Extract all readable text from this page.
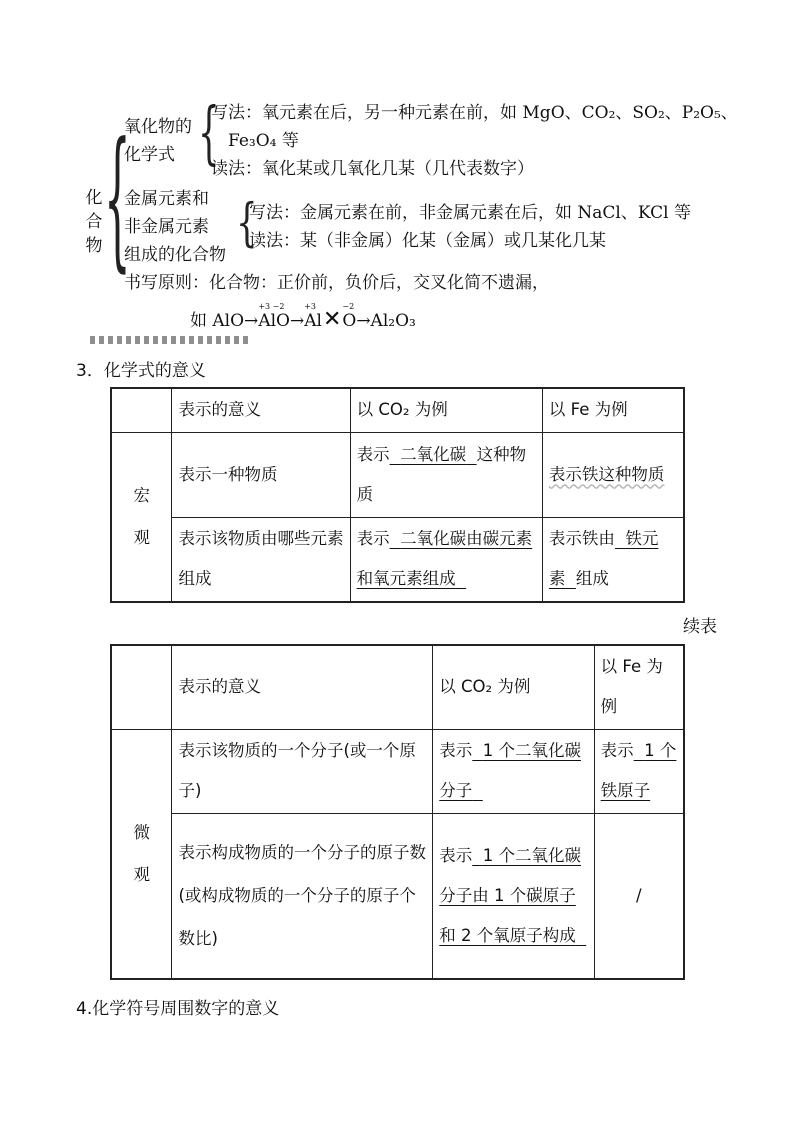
化合物 {
氧化物的
化学式 {
写法：氧元素在后，另一种元素在前，如 MgO、CO₂、SO₂、P₂O₅、
Fe₃O₄ 等
读法：氧化某或几氧化几某（几代表数字）
金属元素和
非金属元素
组成的化合物
{
写法：金属元素在前，非金属元素在后，如 NaCl、KCl 等
读法：某（非金属）化某（金属）或几某化几某
书写原则：化合物：正价前，负价后，交叉化简不遗漏，
如 AlO→
+3 −2
AlO→
+3
Al✕
−2
O→Al₂O₃
3．化学式的意义
	表示的意义	以 CO₂ 为例	以 Fe 为例
宏观	表示一种物质	表示 二氧化碳 这种物质	表示铁这种物质
	表示该物质由哪些元素组成	表示 二氧化碳由碳元素和氧元素组成	表示铁由 铁元素 组成
续表
	表示的意义	以 CO₂ 为例	以 Fe 为例
微观	表示该物质的一个分子(或一个原子)	表示 1 个二氧化碳分子	表示 1 个铁原子
	表示构成物质的一个分子的原子数(或构成物质的一个分子的原子个数比)	表示 1 个二氧化碳分子由 1 个碳原子和 2 个氧原子构成	/
4.化学符号周围数字的意义
